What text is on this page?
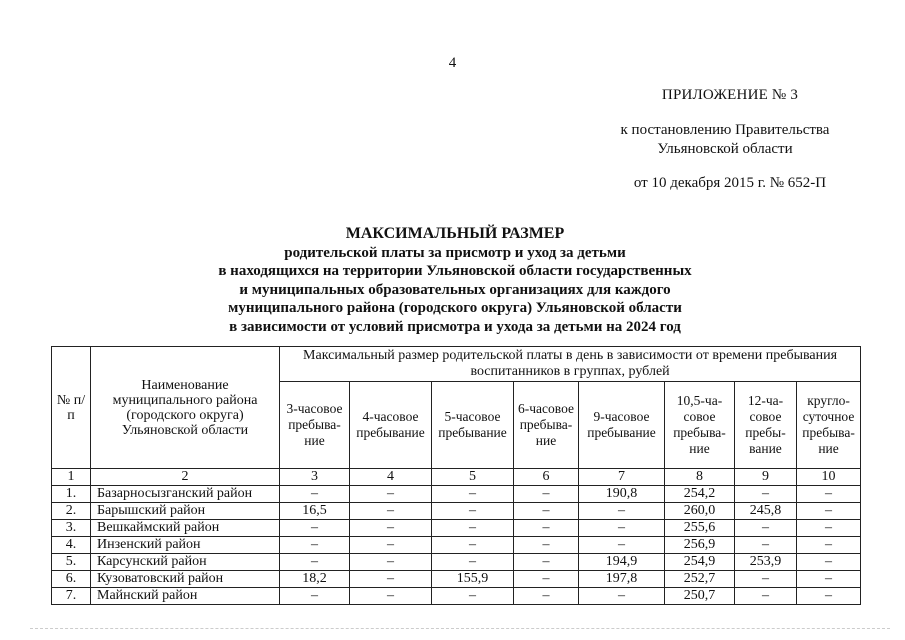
4
ПРИЛОЖЕНИЕ № 3
к постановлению Правительства
Ульяновской области
от 10 декабря 2015 г. № 652-П
МАКСИМАЛЬНЫЙ РАЗМЕР
родительской платы за присмотр и уход за детьми
в находящихся на территории Ульяновской области государственных
и муниципальных образовательных организациях для каждого
муниципального района (городского округа) Ульяновской области
в зависимости от условий присмотра и ухода за детьми на 2024 год
№ п/п	Наименование муниципального района (городского округа) Ульяновской области	Максимальный размер родительской платы в день в зависимости от времени пребывания воспитанников в группах, рублей							
		3-часовое пребыва-ние	4-часовое пребывание	5-часовое пребывание	6-часовое пребыва-ние	9-часовое пребывание	10,5-ча-совое пребыва-ние	12-ча-совое пребы-вание	кругло-суточное пребыва-ние
1	2	3	4	5	6	7	8	9	10
1.	Базарносызганский район	–	–	–	–	190,8	254,2	–	–
2.	Барышский район	16,5	–	–	–	–	260,0	245,8	–
3.	Вешкаймский район	–	–	–	–	–	255,6	–	–
4.	Инзенский район	–	–	–	–	–	256,9	–	–
5.	Карсунский район	–	–	–	–	194,9	254,9	253,9	–
6.	Кузоватовский район	18,2	–	155,9	–	197,8	252,7	–	–
7.	Майнский район	–	–	–	–	–	250,7	–	–
